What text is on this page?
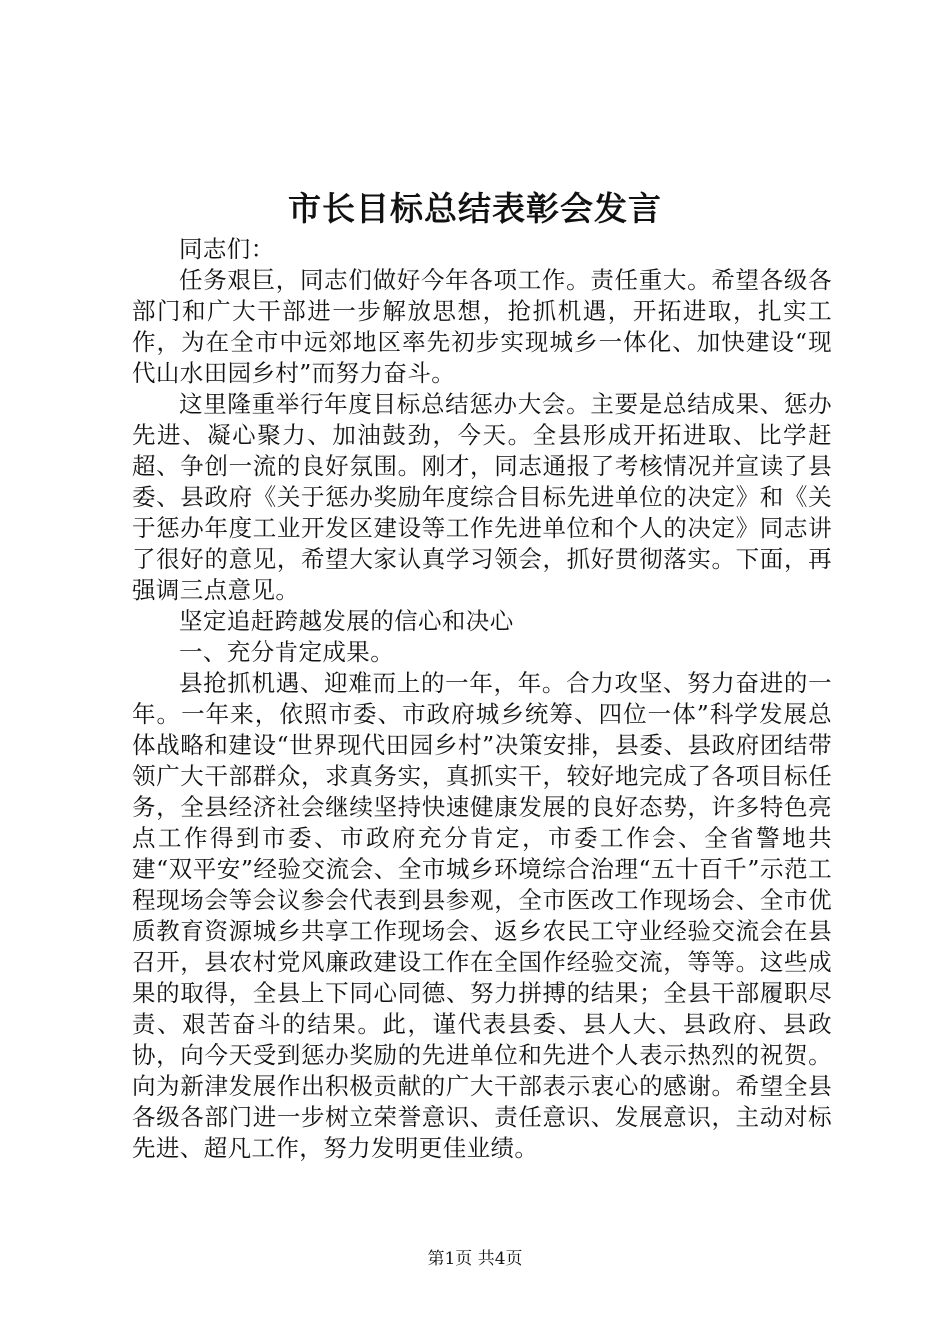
市长目标总结表彰会发言

同志们：

任务艰巨，同志们做好今年各项工作。责任重大。希望各级各部门和广大干部进一步解放思想，抢抓机遇，开拓进取，扎实工作，为在全市中远郊地区率先初步实现城乡一体化、加快建设“现代山水田园乡村”而努力奋斗。

这里隆重举行年度目标总结惩办大会。主要是总结成果、惩办先进、凝心聚力、加油鼓劲，今天。全县形成开拓进取、比学赶超、争创一流的良好氛围。刚才，同志通报了考核情况并宣读了县委、县政府《关于惩办奖励年度综合目标先进单位的决定》和《关于惩办年度工业开发区建设等工作先进单位和个人的决定》同志讲了很好的意见，希望大家认真学习领会，抓好贯彻落实。下面，再强调三点意见。

坚定追赶跨越发展的信心和决心

一、充分肯定成果。

县抢抓机遇、迎难而上的一年，年。合力攻坚、努力奋进的一年。一年来，依照市委、市政府城乡统筹、四位一体”科学发展总体战略和建设“世界现代田园乡村”决策安排，县委、县政府团结带领广大干部群众，求真务实，真抓实干，较好地完成了各项目标任务，全县经济社会继续坚持快速健康发展的良好态势，许多特色亮点工作得到市委、市政府充分肯定，市委工作会、全省警地共建“双平安”经验交流会、全市城乡环境综合治理“五十百千”示范工程现场会等会议参会代表到县参观，全市医改工作现场会、全市优质教育资源城乡共享工作现场会、返乡农民工守业经验交流会在县召开，县农村党风廉政建设工作在全国作经验交流，等等。这些成果的取得，全县上下同心同德、努力拼搏的结果；全县干部履职尽责、艰苦奋斗的结果。此，谨代表县委、县人大、县政府、县政协，向今天受到惩办奖励的先进单位和先进个人表示热烈的祝贺。向为新津发展作出积极贡献的广大干部表示衷心的感谢。希望全县各级各部门进一步树立荣誉意识、责任意识、发展意识，主动对标先进、超凡工作，努力发明更佳业绩。

第1页 共4页
